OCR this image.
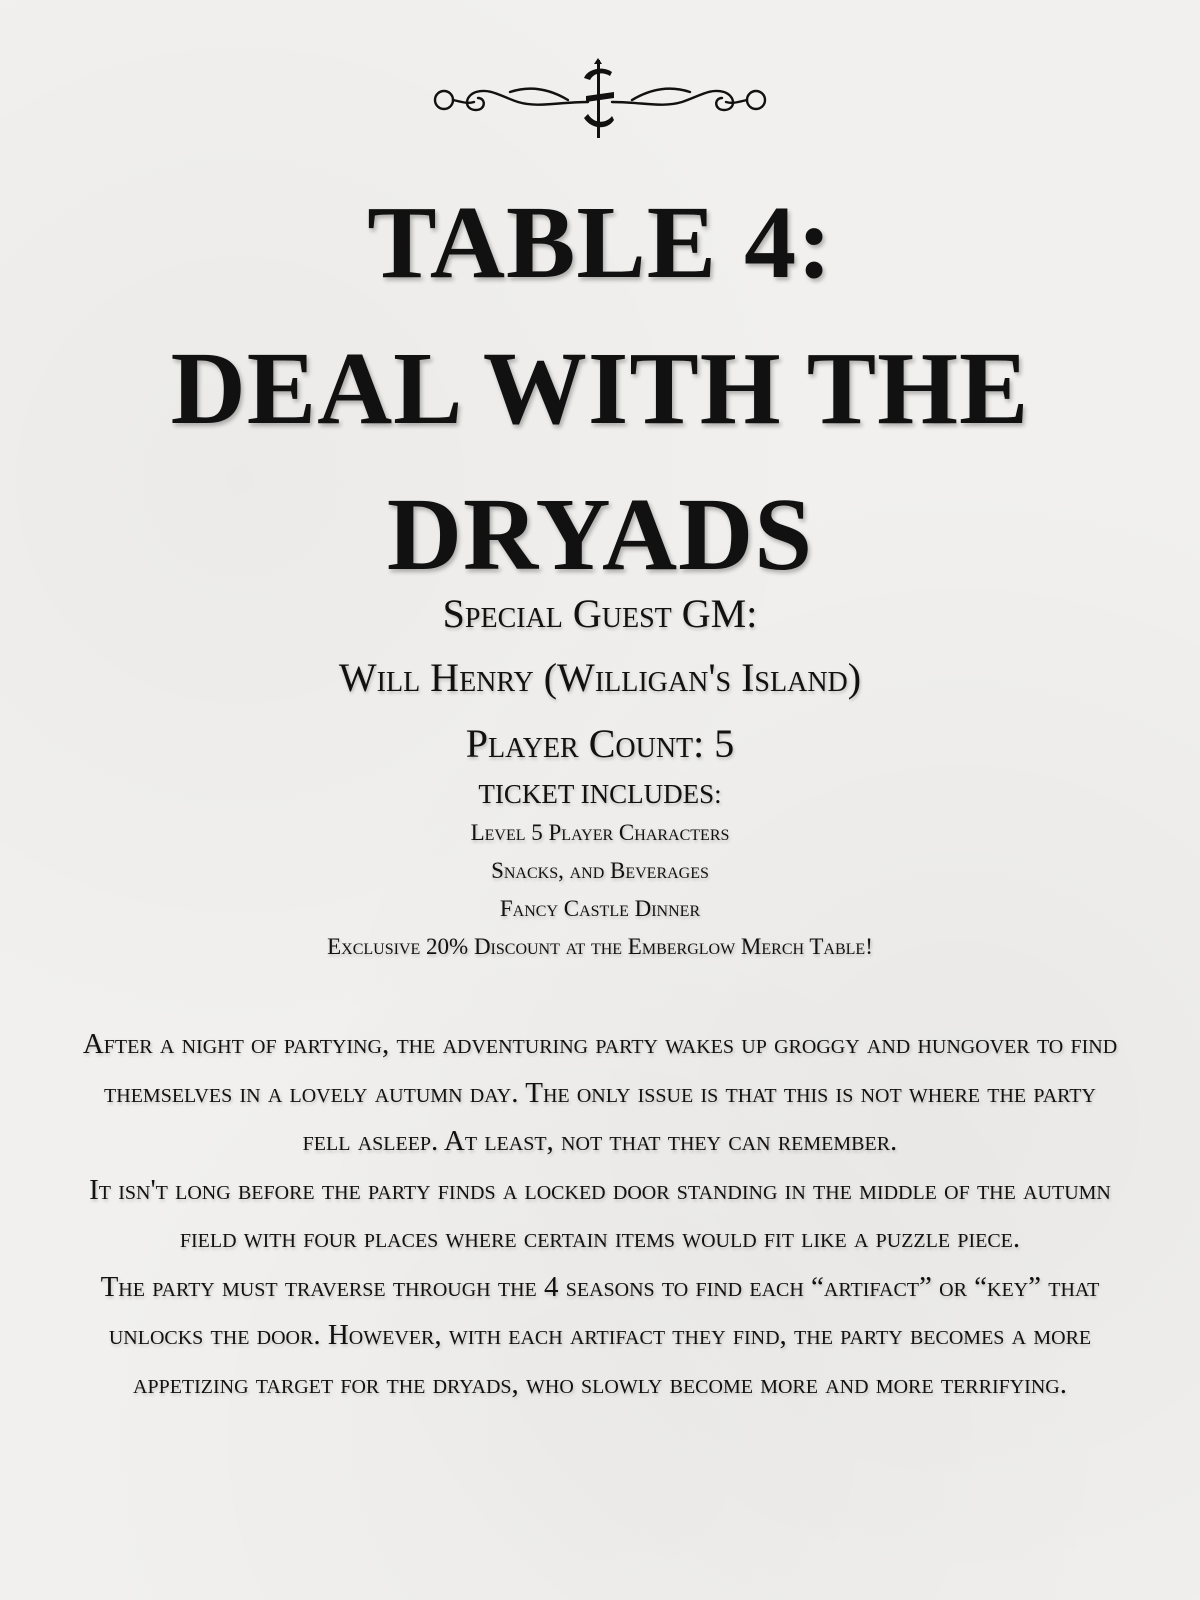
TABLE 4:
DEAL WITH THE
DRYADS
Special Guest GM:
Will Henry (Willigan's Island)
Player Count: 5
TICKET INCLUDES:
Level 5 Player Characters
Snacks, and Beverages
Fancy Castle Dinner
Exclusive 20% Discount at the Emberglow Merch Table!

After a night of partying, the adventuring party wakes up groggy and hungover to find themselves in a lovely autumn day. The only issue is that this is not where the party fell asleep. At least, not that they can remember.

It isn't long before the party finds a locked door standing in the middle of the autumn field with four places where certain items would fit like a puzzle piece.

The party must traverse through the 4 seasons to find each “artifact” or “key” that unlocks the door. However, with each artifact they find, the party becomes a more appetizing target for the dryads, who slowly become more and more terrifying.
